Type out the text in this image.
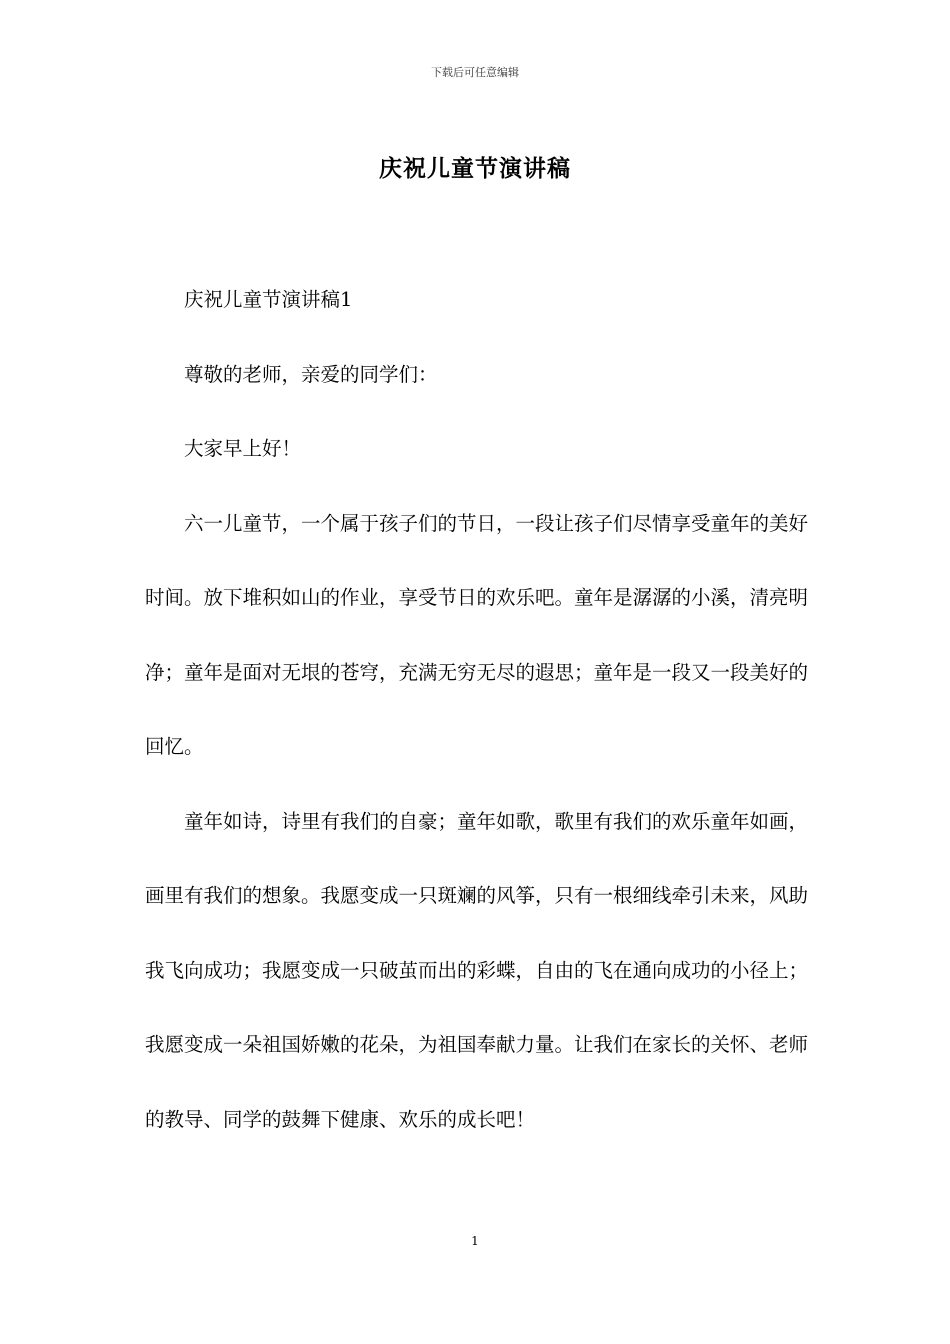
下载后可任意编辑
庆祝儿童节演讲稿

庆祝儿童节演讲稿1

尊敬的老师，亲爱的同学们：

大家早上好！

六一儿童节，一个属于孩子们的节日，一段让孩子们尽情享受童年的美好时间。放下堆积如山的作业，享受节日的欢乐吧。童年是潺潺的小溪，清亮明净；童年是面对无垠的苍穹，充满无穷无尽的遐思；童年是一段又一段美好的回忆。

童年如诗，诗里有我们的自豪；童年如歌，歌里有我们的欢乐童年如画，画里有我们的想象。我愿变成一只斑斓的风筝，只有一根细线牵引未来，风助我飞向成功；我愿变成一只破茧而出的彩蝶，自由的飞在通向成功的小径上；我愿变成一朵祖国娇嫩的花朵，为祖国奉献力量。让我们在家长的关怀、老师的教导、同学的鼓舞下健康、欢乐的成长吧！

1
